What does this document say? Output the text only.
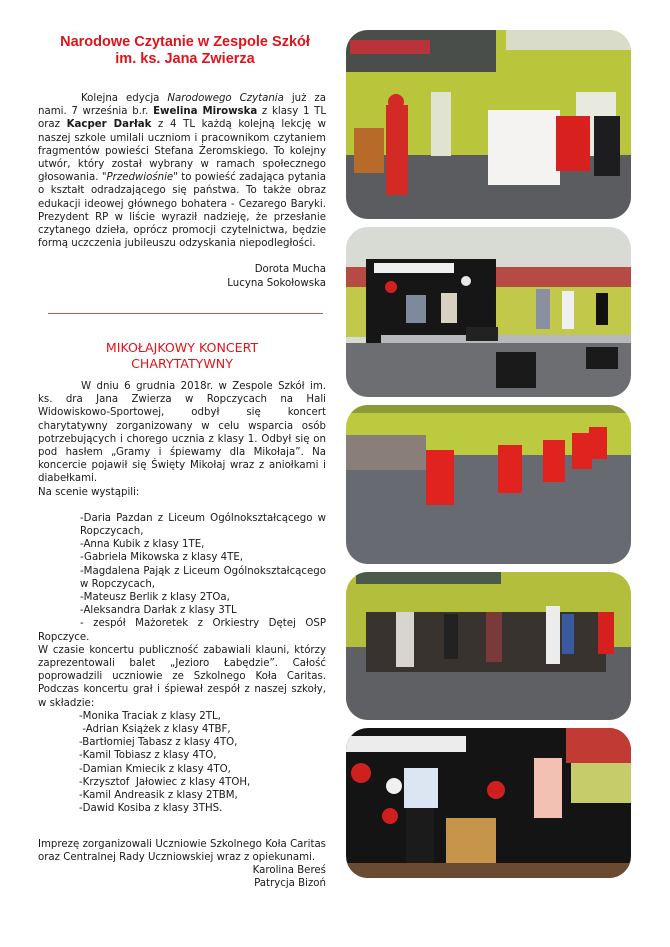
Narodowe Czytanie w Zespole Szkół
im. ks. Jana Zwierza

Kolejna edycja Narodowego Czytania już za nami. 7 września b.r. Ewelina Mirowska z klasy 1 TL oraz Kacper Darłak z 4 TL każdą kolejną lekcję w naszej szkole umilali uczniom i pracownikom czytaniem fragmentów powieści Stefana Żeromskiego. To kolejny utwór, który został wybrany w ramach społecznego głosowania. "Przedwiośnie" to powieść zadająca pytania o kształt odradzającego się państwa. To także obraz edukacji ideowej głównego bohatera - Cezarego Baryki. Prezydent RP w liście wyraził nadzieję, że przesłanie czytanego dzieła, oprócz promocji czytelnictwa, będzie formą uczczenia jubileuszu odzyskania niepodległości.

Dorota Mucha

Lucyna Sokołowska

MIKOŁAJKOWY KONCERT
CHARYTATYWNY

W dniu 6 grudnia 2018r. w Zespole Szkół im. ks. dra Jana Zwierza w Ropczycach na Hali Widowiskowo-Sportowej, odbył się koncert charytatywny zorganizowany w celu wsparcia osób potrzebujących i chorego ucznia z klasy 1. Odbył się on pod hasłem „Gramy i śpiewamy dla Mikołaja”. Na koncercie pojawił się Święty Mikołaj wraz z aniołkami i diabełkami.

Na scenie wystąpili:

-Daria Pazdan z Liceum Ogólnokształcącego w Ropczycach,

-Anna Kubik z klasy 1TE,

-Gabriela Mikowska z klasy 4TE,

-Magdalena Pająk z Liceum Ogólnokształcącego w Ropczycach,

-Mateusz Berlik z klasy 2TOa,

-Aleksandra Darłak z klasy 3TL

- zespół Mażoretek z Orkiestry Dętej OSP Ropczyce.

W czasie koncertu publiczność zabawiali klauni, którzy zaprezentowali balet „Jezioro Łabędzie”. Całość poprowadzili uczniowie ze Szkolnego Koła Caritas. Podczas koncertu grał i śpiewał zespół z naszej szkoły, w składzie:

-Monika Traciak z klasy 2TL,

-Adrian Książek z klasy 4TBF,

-Bartłomiej Tabasz z klasy 4TO,

-Kamil Tobiasz z klasy 4TO,

-Damian Kmiecik z klasy 4TO,

-Krzysztof  Jałowiec z klasy 4TOH,

-Kamil Andreasik z klasy 2TBM,

-Dawid Kosiba z klasy 3THS.

Imprezę zorganizowali Uczniowie Szkolnego Koła Caritas oraz Centralnej Rady Uczniowskiej wraz z opiekunami.

Karolina Bereś

Patrycja Bizoń
